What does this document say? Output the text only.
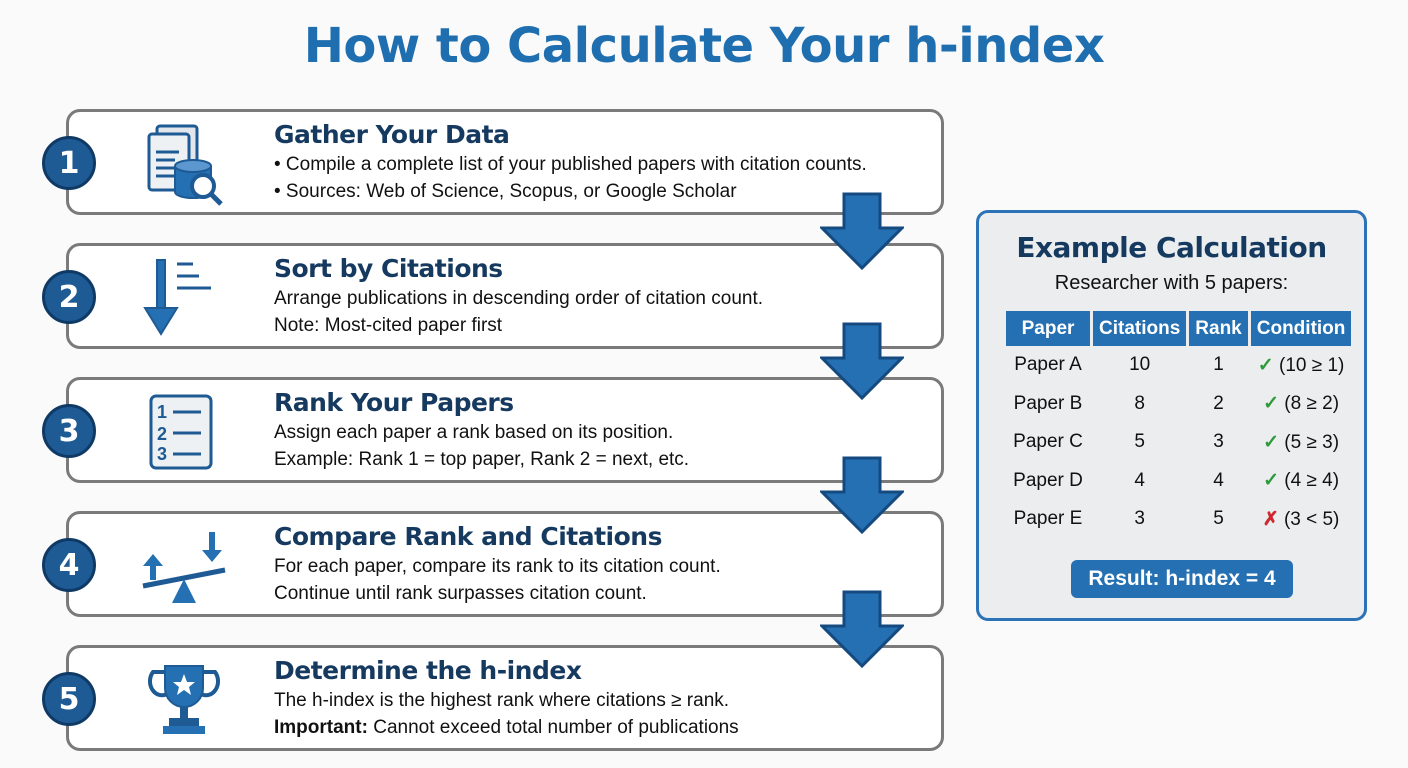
How to Calculate Your h-index
1
Gather Your Data
• Compile a complete list of your published papers with citation counts.
• Sources: Web of Science, Scopus, or Google Scholar
2
Sort by Citations
Arrange publications in descending order of citation count.
Note: Most-cited paper first
3
1
2
3
Rank Your Papers
Assign each paper a rank based on its position.
Example: Rank 1 = top paper, Rank 2 = next, etc.
4
Compare Rank and Citations
For each paper, compare its rank to its citation count.
Continue until rank surpasses citation count.
5
Determine the h-index
The h-index is the highest rank where citations ≥ rank.
Important: Cannot exceed total number of publications
Example Calculation
Researcher with 5 papers:
Paper	Citations	Rank	Condition
Paper A	10	1	✓ (10 ≥ 1)
Paper B	8	2	✓ (8 ≥ 2)
Paper C	5	3	✓ (5 ≥ 3)
Paper D	4	4	✓ (4 ≥ 4)
Paper E	3	5	✗ (3 < 5)
Result: h-index = 4
